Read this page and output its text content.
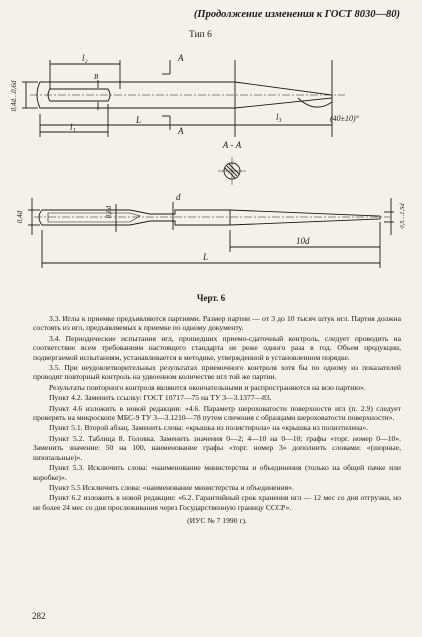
(Продолжение изменения к ГОСТ 8030—80)
Тип 6
0,4d…0,6d
l₂	А
В
l₃
L
l₁	А
(40±10)°
А - А
0,4d	0,8d
d
0,5…1,5d
10d
L
Черт. 6

3.3. Иглы к приемке предъявляются партиями. Размер партии — от 3 до 10 тысяч штук игл. Партия должна состоять из игл, предъявляемых к приемке по одному документу.

3.4. Периодические испытания игл, прошедших приемо-сдаточный контроль, следует проводить на соответствие всем требованиям настоящего стандарта не реже одного раза в год. Объем продукции, подвергаемой испытаниям, устанавливается в методике, утвержденной в установленном порядке.

3.5. При неудовлетворительных результатах приемочного контроля хотя бы по одному из показателей проводят повторный контроль на удвоенном количестве игл той же партии.

Результаты повторного контроля являются окончательными и распространяются на всю партию».

Пункт 4.2. Заменить ссылку: ГОСТ 10717—75 на ТУ 3—3.1377—83.

Пункт 4.6 изложить в новой редакции: «4.6. Параметр шероховатости поверхности игл (п. 2.9) следует проверять на микроскопе МБС-9 ТУ 3—3.1210—78 путем сличения с образцами шероховатости поверхности».

Пункт 5.1. Второй абзац. Заменить слова: «крышка из полистирола» на «крышка из полиэтилена».

Пункт 5.2. Таблица 8. Головка. Заменить значения 0—2; 4—10 на 0—10; графы «торг. номер 0—10». Заменить значение: 50 на 100, наименование графы «торг. номер 3» дополнить словами: «(шорные, шпопальные)».

Пункт 5.3. Исключить слова: «наименование министерства и объединения (только на общей пачке или коробке)».

Пункт 5.5 Исключить слова: «наименование министерства и объединения».

Пункт 6.2 изложить в новой редакции: «6.2. Гарантийный срок хранения игл — 12 мес со дня отгрузки, но не более 24 мес со дня прослеживания через Государственную границу СССР».

(ИУС № 7 1990 г).

282
